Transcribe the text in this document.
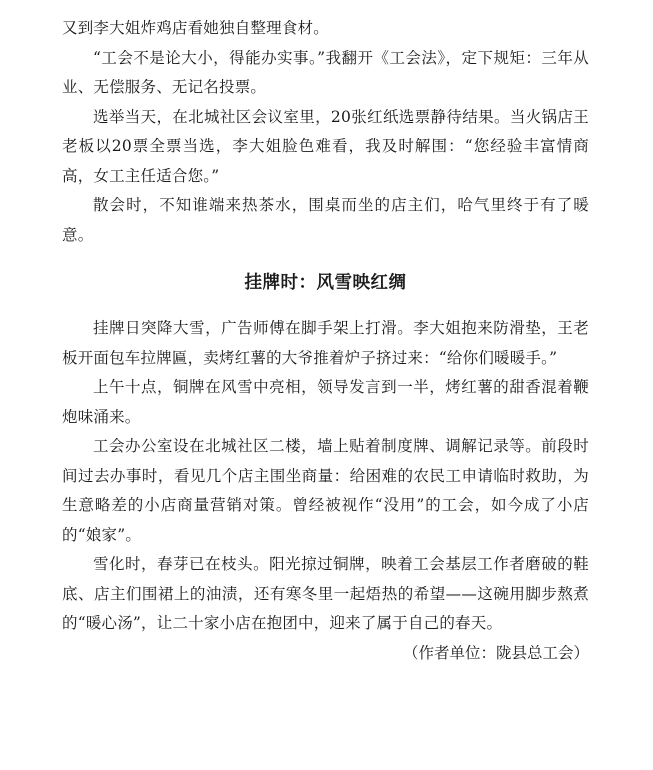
又到李大姐炸鸡店看她独自整理食材。

“工会不是论大小，得能办实事。”我翻开《工会法》，定下规矩：三年从业、无偿服务、无记名投票。

选举当天，在北城社区会议室里，20张红纸选票静待结果。当火锅店王老板以20票全票当选，李大姐脸色难看，我及时解围：“您经验丰富情商高，女工主任适合您。”

散会时，不知谁端来热茶水，围桌而坐的店主们，哈气里终于有了暖意。

挂牌时：风雪映红绸

挂牌日突降大雪，广告师傅在脚手架上打滑。李大姐抱来防滑垫，王老板开面包车拉牌匾，卖烤红薯的大爷推着炉子挤过来：“给你们暖暖手。”

上午十点，铜牌在风雪中亮相，领导发言到一半，烤红薯的甜香混着鞭炮味涌来。

工会办公室设在北城社区二楼，墙上贴着制度牌、调解记录等。前段时间过去办事时，看见几个店主围坐商量：给困难的农民工申请临时救助，为生意略差的小店商量营销对策。曾经被视作“没用”的工会，如今成了小店的“娘家”。

雪化时，春芽已在枝头。阳光掠过铜牌，映着工会基层工作者磨破的鞋底、店主们围裙上的油渍，还有寒冬里一起焐热的希望——这碗用脚步熬煮的“暖心汤”，让二十家小店在抱团中，迎来了属于自己的春天。

（作者单位：陇县总工会）
